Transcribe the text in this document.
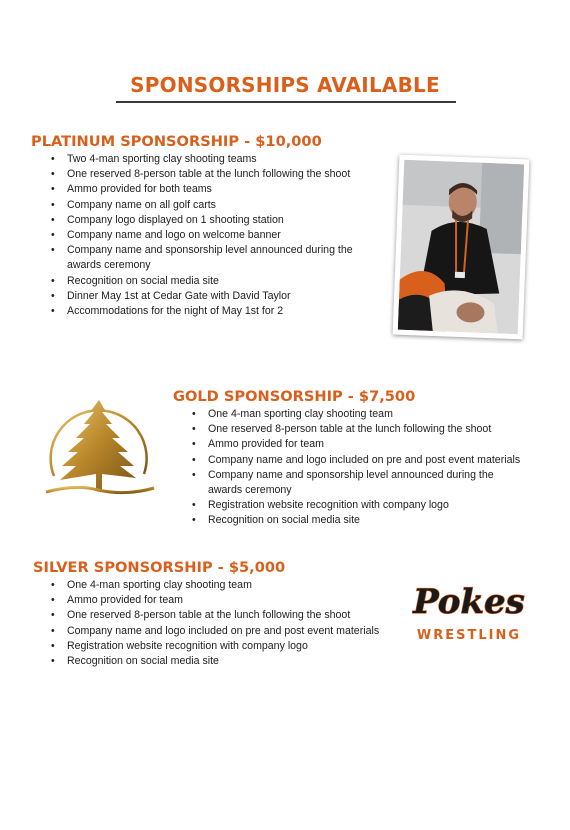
SPONSORSHIPS AVAILABLE
PLATINUM SPONSORSHIP - $10,000
• Two 4-man sporting clay shooting teams
• One reserved 8-person table at the lunch following the shoot
• Ammo provided for both teams
• Company name on all golf carts
• Company logo displayed on 1 shooting station
• Company name and logo on welcome banner
• Company name and sponsorship level announced during the awards ceremony
• Recognition on social media site
• Dinner May 1st at Cedar Gate with David Taylor
• Accommodations for the night of May 1st for 2
GOLD SPONSORSHIP - $7,500
• One 4-man sporting clay shooting team
• One reserved 8-person table at the lunch following the shoot
• Ammo provided for team
• Company name and logo included on pre and post event materials
• Company name and sponsorship level announced during the awards ceremony
• Registration website recognition with company logo
• Recognition on social media site
SILVER SPONSORSHIP - $5,000
• One 4-man sporting clay shooting team
• Ammo provided for team
• One reserved 8-person table at the lunch following the shoot
• Company name and logo included on pre and post event materials
• Registration website recognition with company logo
• Recognition on social media site
Pokes
WRESTLING
